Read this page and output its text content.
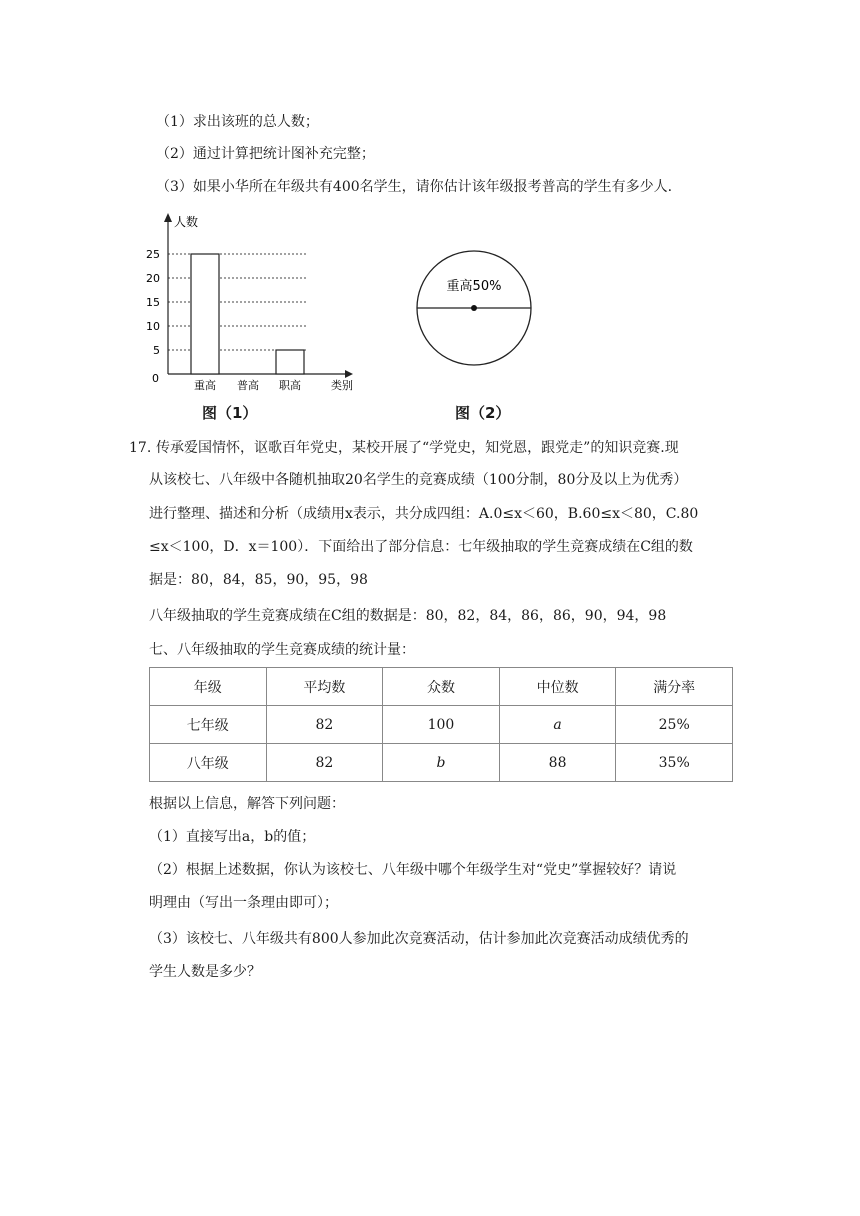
（1）求出该班的总人数；
（2）通过计算把统计图补充完整；
（3）如果小华所在年级共有400名学生，请你估计该年级报考普高的学生有多少人.
人数
类别
0
5
10
15
20
25
重高 普高 职高
图（1）
重高50%
图（2）
17. 传承爱国情怀，讴歌百年党史，某校开展了“学党史，知党恩，跟党走”的知识竞赛.现
从该校七、八年级中各随机抽取20名学生的竞赛成绩（100分制，80分及以上为优秀）
进行整理、描述和分析（成绩用x表示，共分成四组：A.0≤x＜60，B.60≤x＜80，C.80
≤x＜100，D．x＝100）．下面给出了部分信息：七年级抽取的学生竞赛成绩在C组的数
据是：80，84，85，90，95，98
八年级抽取的学生竞赛成绩在C组的数据是：80，82，84，86，86，90，94，98
七、八年级抽取的学生竞赛成绩的统计量：
年级	平均数	众数	中位数	满分率
七年级	82	100	a	25%
八年级	82	b	88	35%
根据以上信息，解答下列问题：
（1）直接写出a，b的值；
（2）根据上述数据，你认为该校七、八年级中哪个年级学生对“党史”掌握较好？请说
明理由（写出一条理由即可）；
（3）该校七、八年级共有800人参加此次竞赛活动，估计参加此次竞赛活动成绩优秀的
学生人数是多少？
